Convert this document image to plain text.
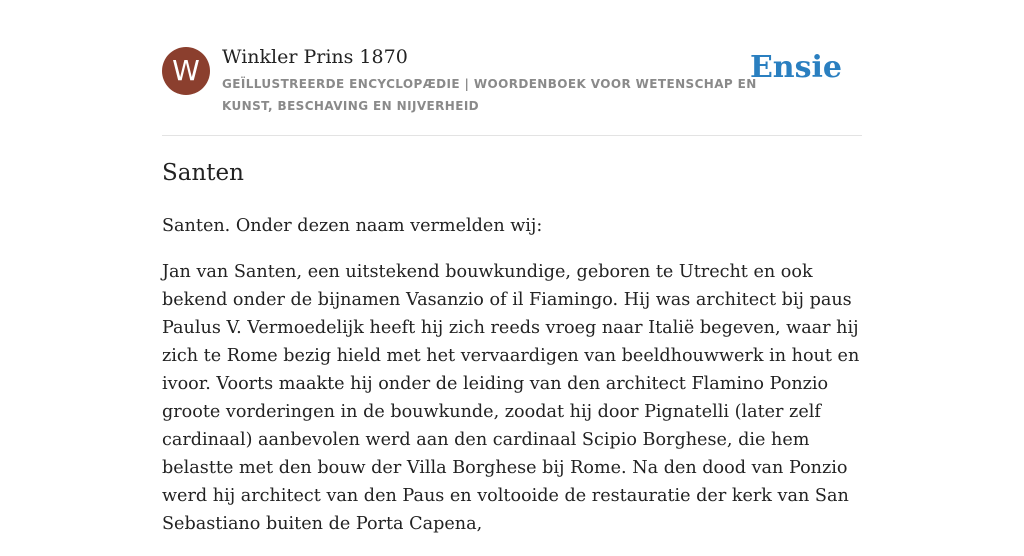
W	Winkler Prins 1870
GEÏLLUSTREERDE ENCYCLOPÆDIE | WOORDENBOEK VOOR WETENSCHAP EN KUNST, BESCHAVING EN NIJVERHEID
Ensie
Santen

Santen. Onder dezen naam vermelden wij:

Jan van Santen, een uitstekend bouwkundige, geboren te Utrecht en ook bekend onder de bijnamen Vasanzio of il Fiamingo. Hij was architect bij paus Paulus V. Vermoedelijk heeft hij zich reeds vroeg naar Italië begeven, waar hij zich te Rome bezig hield met het vervaardigen van beeldhouwwerk in hout en ivoor. Voorts maakte hij onder de leiding van den architect Flamino Ponzio groote vorderingen in de bouwkunde, zoodat hij door Pignatelli (later zelf cardinaal) aanbevolen werd aan den cardinaal Scipio Borghese, die hem belastte met den bouw der Villa Borghese bij Rome. Na den dood van Ponzio werd hij architect van den Paus en voltooide de restauratie der kerk van San Sebastiano buiten de Porta Capena,
